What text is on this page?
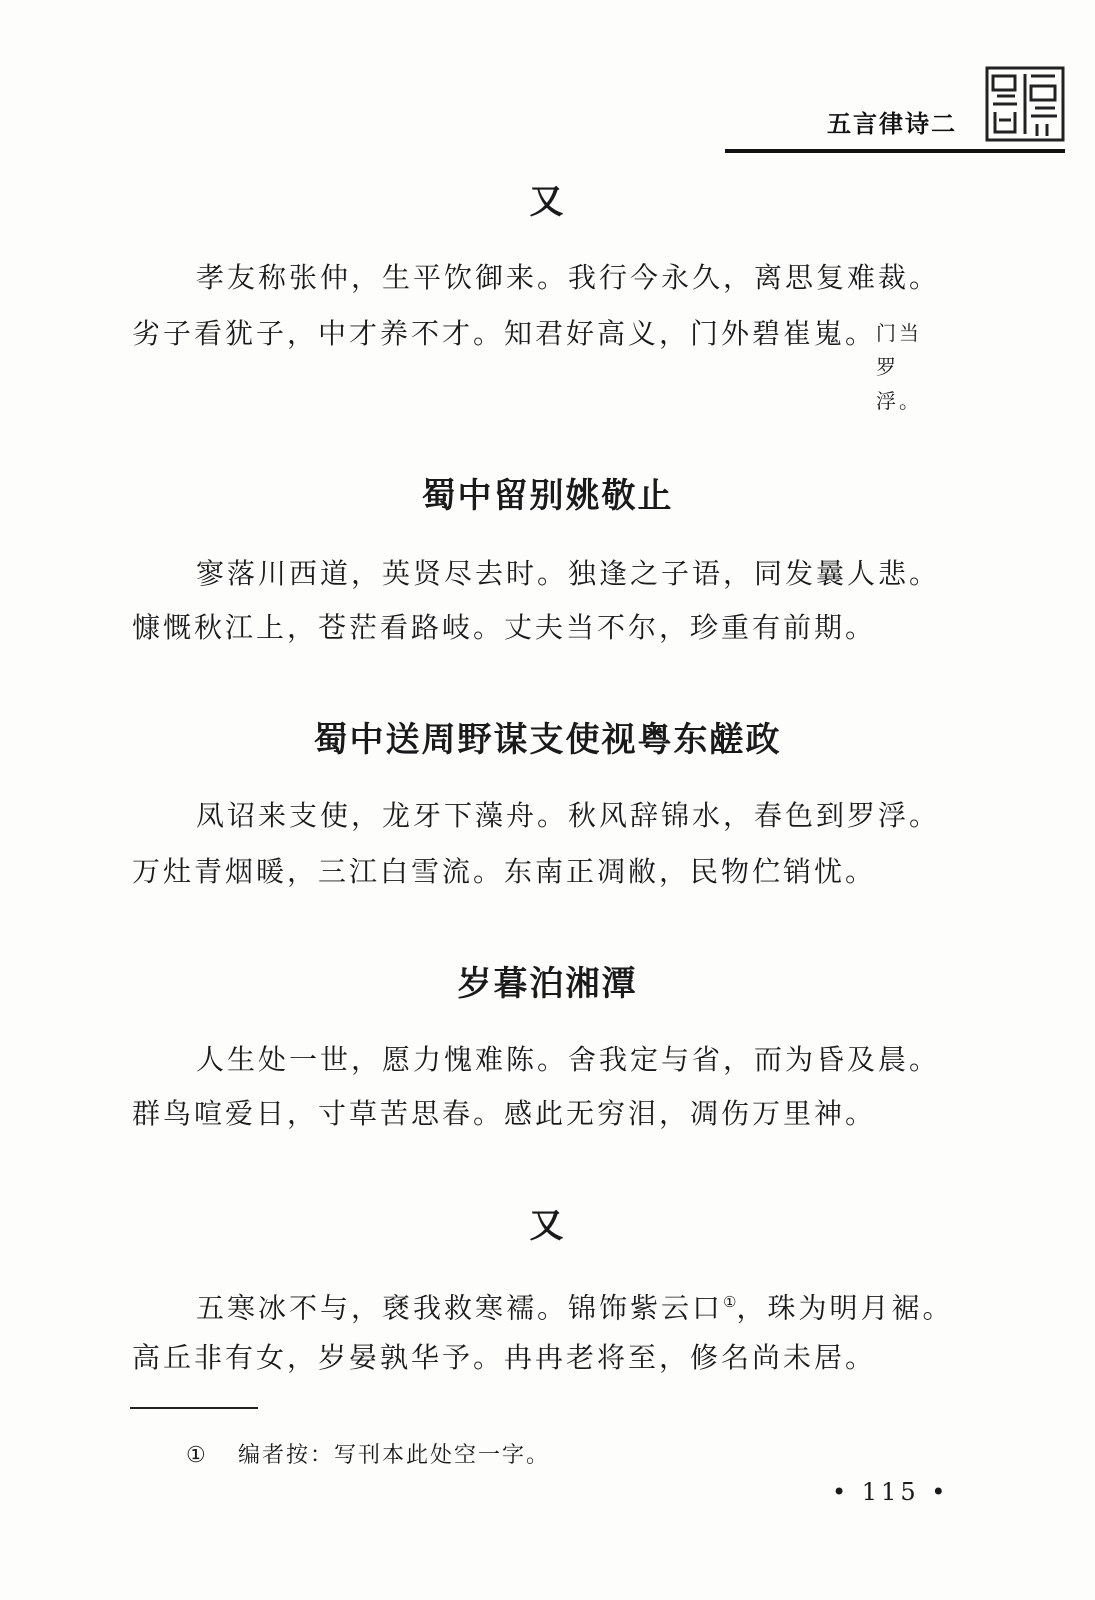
五言律诗二
又
孝友称张仲，生平饮御来。我行今永久，离思复难裁。
劣子看犹子，中才养不才。知君好高义，门外碧崔嵬。门当罗浮。
蜀中留别姚敬止
寥落川西道，英贤尽去时。独逢之子语，同发曩人悲。
慷慨秋江上，苍茫看路岐。丈夫当不尔，珍重有前期。
蜀中送周野谋支使视粤东鹾政
凤诏来支使，龙牙下藻舟。秋风辞锦水，春色到罗浮。
万灶青烟暖，三江白雪流。东南正凋敝，民物伫销忧。
岁暮泊湘潭
人生处一世，愿力愧难陈。舍我定与省，而为昏及晨。
群鸟喧爱日，寸草苦思春。感此无穷泪，凋伤万里神。
又
五寒冰不与，褎我救寒襦。锦饰紫云口①，珠为明月裾。
高丘非有女，岁晏孰华予。冉冉老将至，修名尚未居。
① 编者按：写刊本此处空一字。
• 115 •
